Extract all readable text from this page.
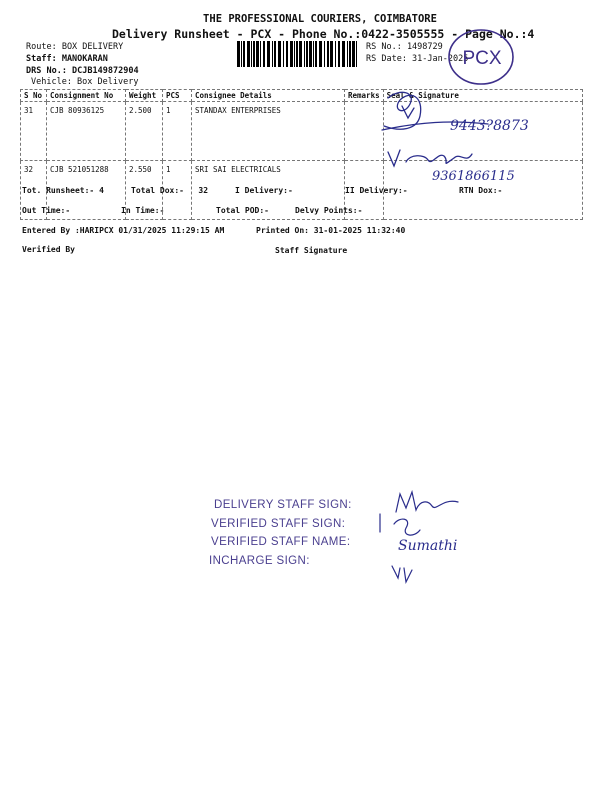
THE PROFESSIONAL COURIERS, COIMBATORE
Delivery Runsheet - PCX - Phone No.:0422-3505555 - Page No.:4
Route: BOX DELIVERY
Staff: MANOKARAN
DRS No.: DCJB149872904
Vehicle: Box Delivery
RS No.: 1498729
RS Date: 31-Jan-2025
PCX
S No	Consignment No	Weight	PCS	Consignee Details	Remarks	Seal & Signature
31	CJB 80936125	2.500	1	STANDAX ENTERPRISES		
32	CJB 521051288	2.550	1	SRI SAI ELECTRICALS		
9443?8873
9361866115
Tot. Runsheet:- 4	Total Dox:-   32	I Delivery:-	II Delivery:-	RTN Dox:-
Out Time:-	In Time:-	Total POD:-	Delvy Points:-
Entered By :HARIPCX 01/31/2025 11:29:15 AM	Printed On: 31-01-2025 11:32:40
Verified By	Staff Signature
DELIVERY STAFF SIGN:
VERIFIED STAFF SIGN:
VERIFIED STAFF NAME:
INCHARGE SIGN:
Sumathi
